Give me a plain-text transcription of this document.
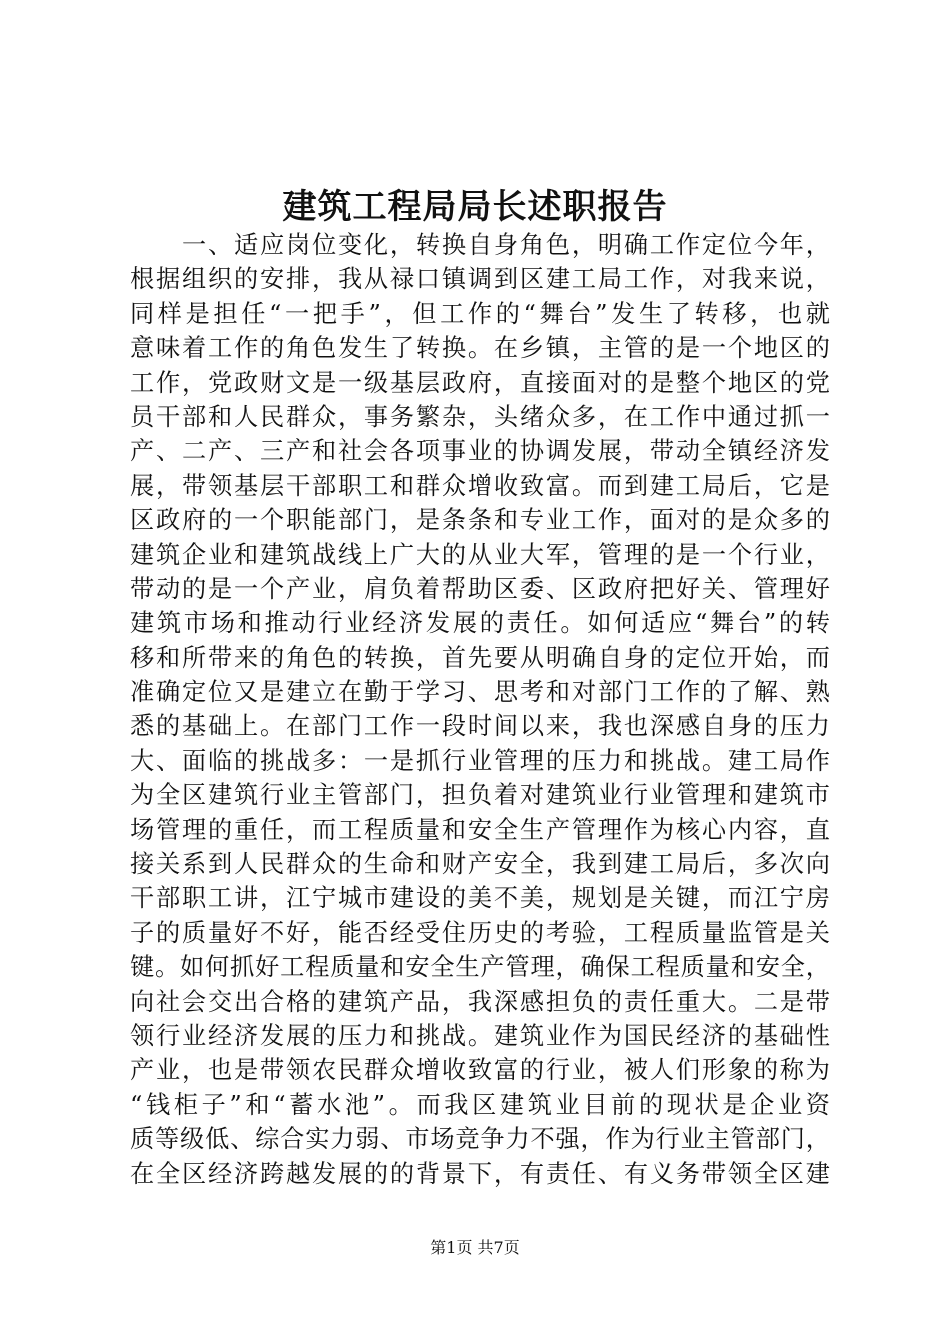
建筑工程局局长述职报告
　　一、适应岗位变化，转换自身角色，明确工作定位今年，
根据组织的安排，我从禄口镇调到区建工局工作，对我来说，
同样是担任“一把手”，但工作的“舞台”发生了转移，也就
意味着工作的角色发生了转换。在乡镇，主管的是一个地区的
工作，党政财文是一级基层政府，直接面对的是整个地区的党
员干部和人民群众，事务繁杂，头绪众多，在工作中通过抓一
产、二产、三产和社会各项事业的协调发展，带动全镇经济发
展，带领基层干部职工和群众增收致富。而到建工局后，它是
区政府的一个职能部门，是条条和专业工作，面对的是众多的
建筑企业和建筑战线上广大的从业大军，管理的是一个行业，
带动的是一个产业，肩负着帮助区委、区政府把好关、管理好
建筑市场和推动行业经济发展的责任。如何适应“舞台”的转
移和所带来的角色的转换，首先要从明确自身的定位开始，而
准确定位又是建立在勤于学习、思考和对部门工作的了解、熟
悉的基础上。在部门工作一段时间以来，我也深感自身的压力
大、面临的挑战多：一是抓行业管理的压力和挑战。建工局作
为全区建筑行业主管部门，担负着对建筑业行业管理和建筑市
场管理的重任，而工程质量和安全生产管理作为核心内容，直
接关系到人民群众的生命和财产安全，我到建工局后，多次向
干部职工讲，江宁城市建设的美不美，规划是关键，而江宁房
子的质量好不好，能否经受住历史的考验，工程质量监管是关
键。如何抓好工程质量和安全生产管理，确保工程质量和安全，
向社会交出合格的建筑产品，我深感担负的责任重大。二是带
领行业经济发展的压力和挑战。建筑业作为国民经济的基础性
产业，也是带领农民群众增收致富的行业，被人们形象的称为
“钱柜子”和“蓄水池”。而我区建筑业目前的现状是企业资
质等级低、综合实力弱、市场竞争力不强，作为行业主管部门，
在全区经济跨越发展的的背景下，有责任、有义务带领全区建
第1页 共7页
